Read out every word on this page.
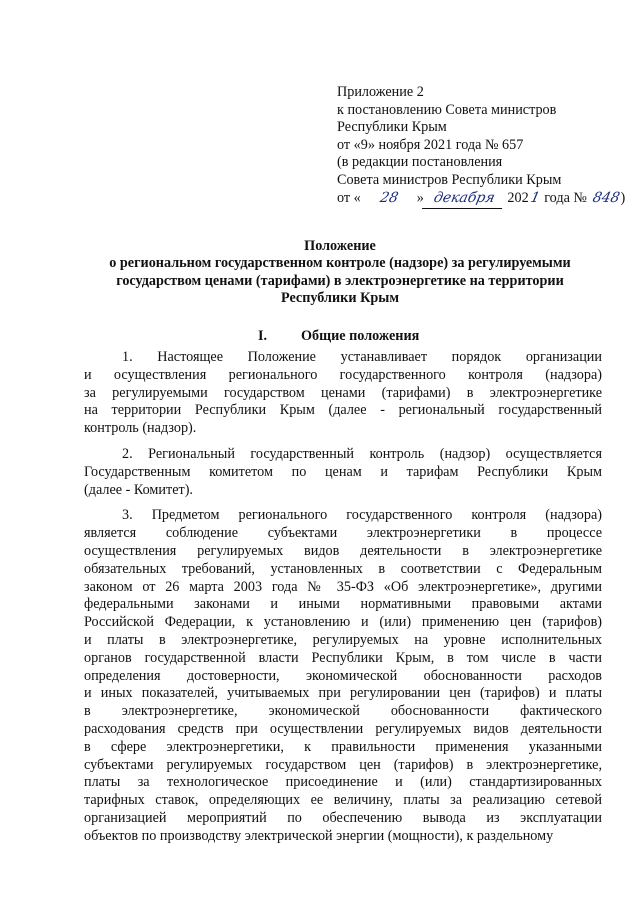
Приложение 2
к постановлению Совета министров
Республики Крым
от «9» ноября 2021 года № 657
(в редакции постановления
Совета министров Республики Крым
от « 28 » декабря 2021 года № 848)
Положение
о региональном государственном контроле (надзоре) за регулируемыми
государством ценами (тарифами) в электроэнергетике на территории
Республики Крым
I. Общие положения
1. Настоящее Положение устанавливает порядок организации
и осуществления регионального государственного контроля (надзора)
за регулируемыми государством ценами (тарифами) в электроэнергетике
на территории Республики Крым (далее - региональный государственный
контроль (надзор).
2. Региональный государственный контроль (надзор) осуществляется
Государственным комитетом по ценам и тарифам Республики Крым
(далее - Комитет).
3. Предметом регионального государственного контроля (надзора)
является соблюдение субъектами электроэнергетики в процессе
осуществления регулируемых видов деятельности в электроэнергетике
обязательных требований, установленных в соответствии с Федеральным
законом от 26 марта 2003 года № 35-ФЗ «Об электроэнергетике», другими
федеральными законами и иными нормативными правовыми актами
Российской Федерации, к установлению и (или) применению цен (тарифов)
и платы в электроэнергетике, регулируемых на уровне исполнительных
органов государственной власти Республики Крым, в том числе в части
определения достоверности, экономической обоснованности расходов
и иных показателей, учитываемых при регулировании цен (тарифов) и платы
в электроэнергетике, экономической обоснованности фактического
расходования средств при осуществлении регулируемых видов деятельности
в сфере электроэнергетики, к правильности применения указанными
субъектами регулируемых государством цен (тарифов) в электроэнергетике,
платы за технологическое присоединение и (или) стандартизированных
тарифных ставок, определяющих ее величину, платы за реализацию сетевой
организацией мероприятий по обеспечению вывода из эксплуатации
объектов по производству электрической энергии (мощности), к раздельному
